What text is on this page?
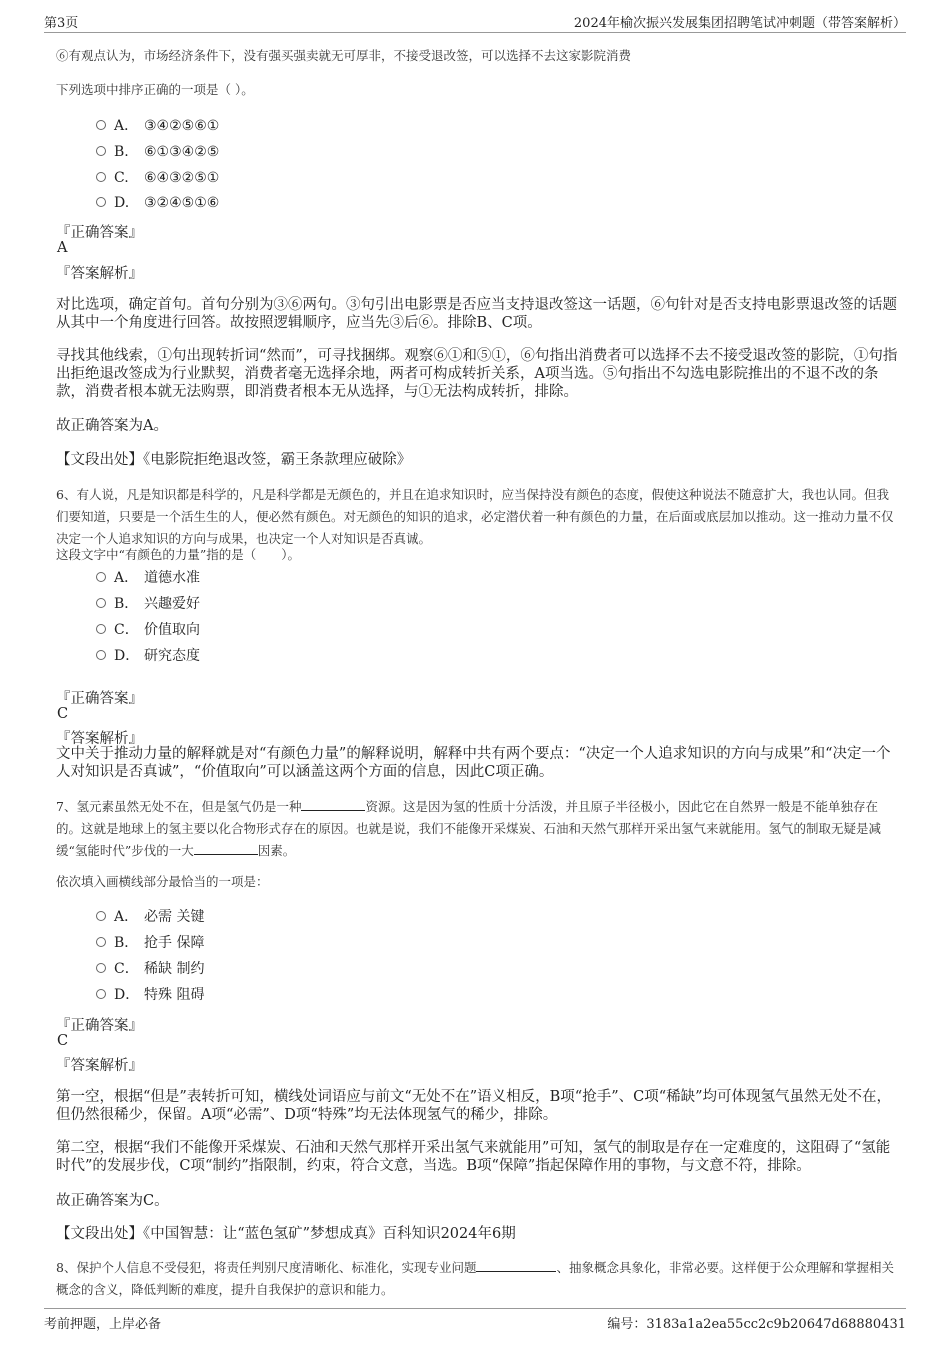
第3页	2024年榆次振兴发展集团招聘笔试冲刺题（带答案解析）
⑥有观点认为，市场经济条件下，没有强买强卖就无可厚非，不接受退改签，可以选择不去这家影院消费
下列选项中排序正确的一项是（ ）。
A． ③④②⑤⑥①
B. ⑥①③④②⑤
C. ⑥④③②⑤①
D. ③②④⑤①⑥
『正确答案』
A
『答案解析』
对比选项，确定首句。首句分别为③⑥两句。③句引出电影票是否应当支持退改签这一话题，⑥句针对是否支持电影票退改签的话题从其中一个角度进行回答。故按照逻辑顺序，应当先③后⑥。排除B、C项。
寻找其他线索，①句出现转折词“然而”，可寻找捆绑。观察⑥①和⑤①，⑥句指出消费者可以选择不去不接受退改签的影院，①句指出拒绝退改签成为行业默契，消费者毫无选择余地，两者可构成转折关系，A项当选。⑤句指出不勾选电影院推出的不退不改的条款，消费者根本就无法购票，即消费者根本无从选择，与①无法构成转折，排除。
故正确答案为A。
【文段出处】《电影院拒绝退改签，霸王条款理应破除》
6、有人说，凡是知识都是科学的，凡是科学都是无颜色的，并且在追求知识时，应当保持没有颜色的态度，假使这种说法不随意扩大，我也认同。但我们要知道，只要是一个活生生的人，便必然有颜色。对无颜色的知识的追求，必定潜伏着一种有颜色的力量，在后面或底层加以推动。这一推动力量不仅决定一个人追求知识的方向与成果，也决定一个人对知识是否真诚。
这段文字中“有颜色的力量”指的是（　　）。
A． 道德水准
B． 兴趣爱好
C． 价值取向
D． 研究态度
『正确答案』
C
『答案解析』
文中关于推动力量的解释就是对“有颜色力量”的解释说明，解释中共有两个要点：“决定一个人追求知识的方向与成果”和“决定一个人对知识是否真诚”，“价值取向”可以涵盖这两个方面的信息，因此C项正确。
7、氢元素虽然无处不在，但是氢气仍是一种	资源。这是因为氢的性质十分活泼，并且原子半径极小，因此它在自然界一般是不能单独存在的。这就是地球上的氢主要以化合物形式存在的原因。也就是说，我们不能像开采煤炭、石油和天然气那样开采出氢气来就能用。氢气的制取无疑是减缓“氢能时代”步伐的一大	因素。
依次填入画横线部分最恰当的一项是：
A． 必需 关键
B． 抢手 保障
C． 稀缺 制约
D． 特殊 阻碍
『正确答案』
C
『答案解析』
第一空，根据“但是”表转折可知，横线处词语应与前文“无处不在”语义相反，B项“抢手”、C项“稀缺”均可体现氢气虽然无处不在，但仍然很稀少，保留。A项“必需”、D项“特殊”均无法体现氢气的稀少，排除。
第二空，根据“我们不能像开采煤炭、石油和天然气那样开采出氢气来就能用”可知，氢气的制取是存在一定难度的，这阻碍了“氢能时代”的发展步伐，C项“制约”指限制，约束，符合文意，当选。B项“保障”指起保障作用的事物，与文意不符，排除。
故正确答案为C。
【文段出处】《中国智慧：让“蓝色氢矿”梦想成真》百科知识2024年6期
8、保护个人信息不受侵犯，将责任判别尺度清晰化、标准化，实现专业问题	、抽象概念具象化，非常必要。这样便于公众理解和掌握相关概念的含义，降低判断的难度，提升自我保护的意识和能力。
考前押题，上岸必备	编号：3183a1a2ea55cc2c9b20647d68880431
